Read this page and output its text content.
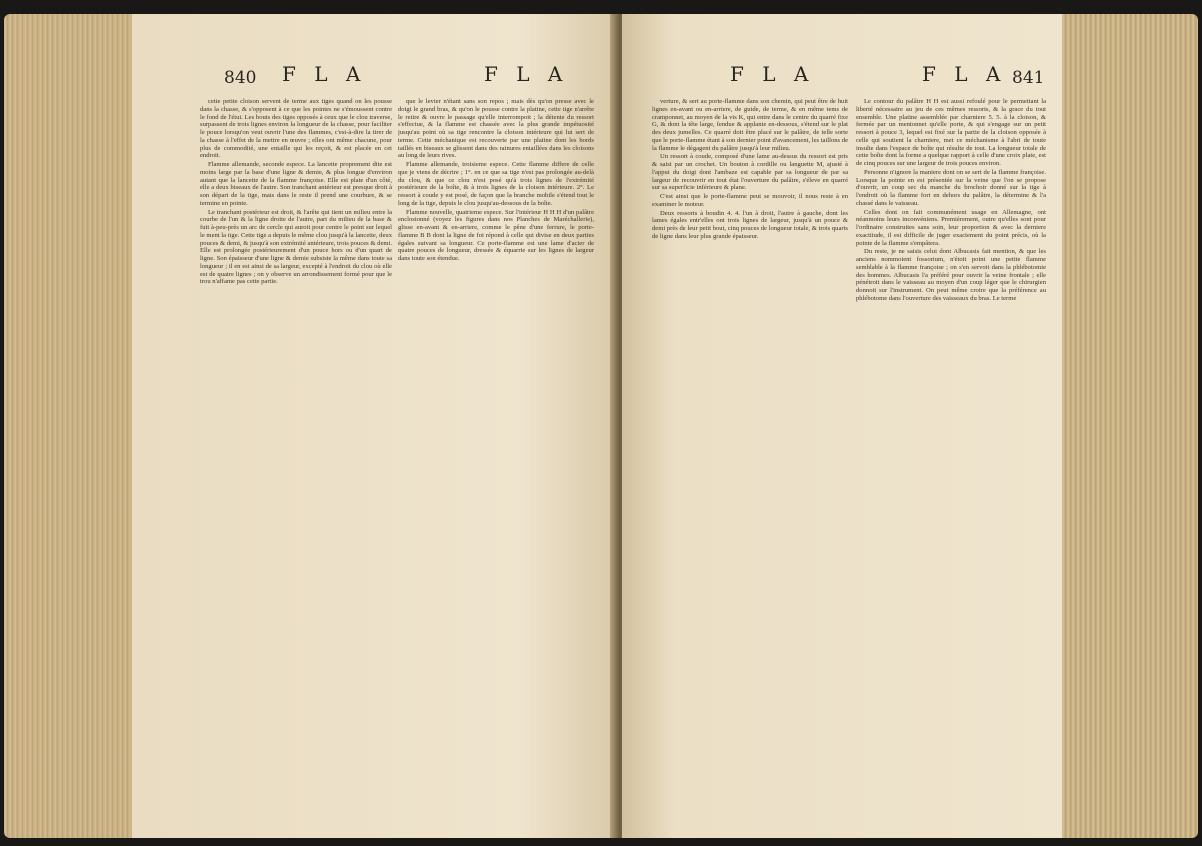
840 F L A	F L A

cette petite cloison servent de terme aux tiges quand on les pousse dans la chasse, & s'opposent à ce que les pointes ne s'émoussent contre le fond de l'étui. Les bouts des tiges opposés à ceux que le clou traverse, surpassent de trois lignes environ la longueur de la chasse, pour faciliter le pouce lorsqu'on veut ouvrir l'une des flammes, c'est-à-dire la tirer de la chasse à l'effet de la mettre en œuvre ; elles ont même chacune, pour plus de commodité, une entaille qui les reçoit, & est placée en cet endroit.

Flamme allemande, seconde espece. La lancette proprement dite est moins large par la base d'une ligne & demie, & plus longue d'environ autant que la lancette de la flamme françoise. Elle est plate d'un côté, elle a deux biseaux de l'autre. Son tranchant antérieur est presque droit à son départ de la tige, mais dans le reste il prend une courbure, & se termine en pointe.

Le tranchant postérieur est droit, & l'arête qui tient un milieu entre la courbe de l'un & la ligne droite de l'autre, part du milieu de la base & fuit à-peu-près un arc de cercle qui auroit pour centre le point sur lequel le ment la tige. Cette tige a depuis le même clou jusqu'à la lancette, deux pouces & demi, & jusqu'à son extrémité antérieure, trois pouces & demi. Elle est prolongée postérieurement d'un pouce hors ou d'un quart de ligne. Son épaisseur d'une ligne & demie subsiste la même dans toute sa longueur ; il en est ainsi de sa largeur, excepté à l'endroit du clou où elle est de quatre lignes ; on y observe un arrondissement formé pour que le trou n'affame pas cette partie.

que le levier n'étant sans son repos ; mais dès qu'on presse avec le doigt le grand bras, & qu'on le pousse contre la platine, cette tige n'arrête le retire & ouvre le passage qu'elle interrompoit ; la détente du ressort s'effectue, & la flamme est chassée avec la plus grande impétuosité jusqu'au point où sa tige rencontre la cloison intérieure qui lui sert de terme. Cette méchanique est recouverte par une platine dont les bords taillés en biseaux se glissent dans des rainures entaillées dans les cloisons au long de leurs rives.

Flamme allemande, troisieme espece. Cette flamme differe de celle que je viens de décrire ; 1°. en ce que sa tige n'est pas prolongée au-delà du clou, & que ce clou n'est posé qu'à trois lignes de l'extrémité postérieure de la boîte, & à trois lignes de la cloison intérieure. 2°. Le ressort à coude y est posé, de façon que la branche mobile s'étend tout le long de la tige, depuis le clou jusqu'au-dessous de la boîte.

Flamme nouvelle, quatrieme espece. Sur l'intérieur H H H d'un palâtre enclosionné (voyez les figures dans nos Planches de Maréchallerie), glisse en-avant & en-arriere, comme le pêne d'une ferrure, le porte-flamme B B dont la ligne de foi répond à celle qui divise en deux parties égales suivant sa longueur. Ce porte-flamme est une lame d'acier de quatre pouces de longueur, dressée & équarrie sur les lignes de largeur dans toute son étendue.

F L A	F L A 841

verture, & sert au porte-flamme dans son chemin, qui peut être de huit lignes en-avant ou en-arriere, de guide, de terme, & en même tems de cramponnet, au moyen de la vis K, qui entre dans le centre du quarré fixe G, & dont la tête large, fendue & applanie en-dessous, s'étend sur le plat des deux jumelles. Ce quarré doit être placé sur le palâtre, de telle sorte que le porte-flamme étant à son dernier point d'avancement, les taillons de la flamme le dégagent du palâtre jusqu'à leur milieu.

Un ressort à coude, composé d'une lame au-dessus du ressort est pris & saisi par un crochet. Un bouton à cordille ou languette M, ajusté à l'appui du doigt dont l'ambaze est capable par sa longueur de par sa largeur de recouvrir en tout état l'ouverture du palâtre, s'éleve en quarré sur sa superficie inférieure & plane.

C'est ainsi que le porte-flamme peut se mouvoir, il nous reste à en examiner le moteur.

Deux ressorts à boudin 4. 4. l'un à droit, l'autre à gauche, dont les lames égales entr'elles ont trois lignes de largeur, jusqu'à un pouce & demi près de leur petit bout, cinq pouces de longueur totale, & trois quarts de ligne dans leur plus grande épaisseur.

Le contour du palâtre H H est aussi refoulé pour le permettant la liberté nécessaire au jeu de ces mêmes ressorts, & la grace du tout ensemble. Une platine assemblée par charniere 5. 5. à la cloison, & fermée par un mentonnet qu'elle porte, & qui s'engage sur un petit ressort à pouce 3, lequel est fixé sur la partie de la cloison opposée à celle qui soutient la charniere, met ce méchanisme à l'abri de toute insulte dans l'espace de boîte qui résulte de tout. La longueur totale de cette boîte dont la forme a quelque rapport à celle d'une croix plate, est de cinq pouces sur une largeur de trois pouces environ.

Personne n'ignore la maniere dont on se sert de la flamme françoise. Lorsque la pointe en est présentée sur la veine que l'on se propose d'ouvrir, un coup sec du manche du brochoir donné sur la tige à l'endroit où la flamme fort en dehors du palâtre, la détermine & l'a chassé dans le vaisseau.

Celles dont on fait communément usage en Allemagne, ont néanmoins leurs inconvéniens. Premièrement, outre qu'elles sont pour l'ordinaire construites sans soin, leur proportion & avec la derniere exactitude, il est difficile de juger exactement du point précis, où la pointe de la flamme s'empâtera.

Du reste, je ne saisis celui dont Albucasis fait mention, & que les anciens nommoient fossorium, n'étoit point une petite flamme semblable à la flamme françoise ; on s'en servoit dans la phlébotomie des hommes. Albucasis l'a préféré pour ouvrir la veine frontale ; elle pénétroit dans le vaisseau au moyen d'un coup léger que le chirurgien donnoit sur l'instrument. On peut même croire que la préférence au phlébotome dans l'ouverture des vaisseaux du bras. Le terme
